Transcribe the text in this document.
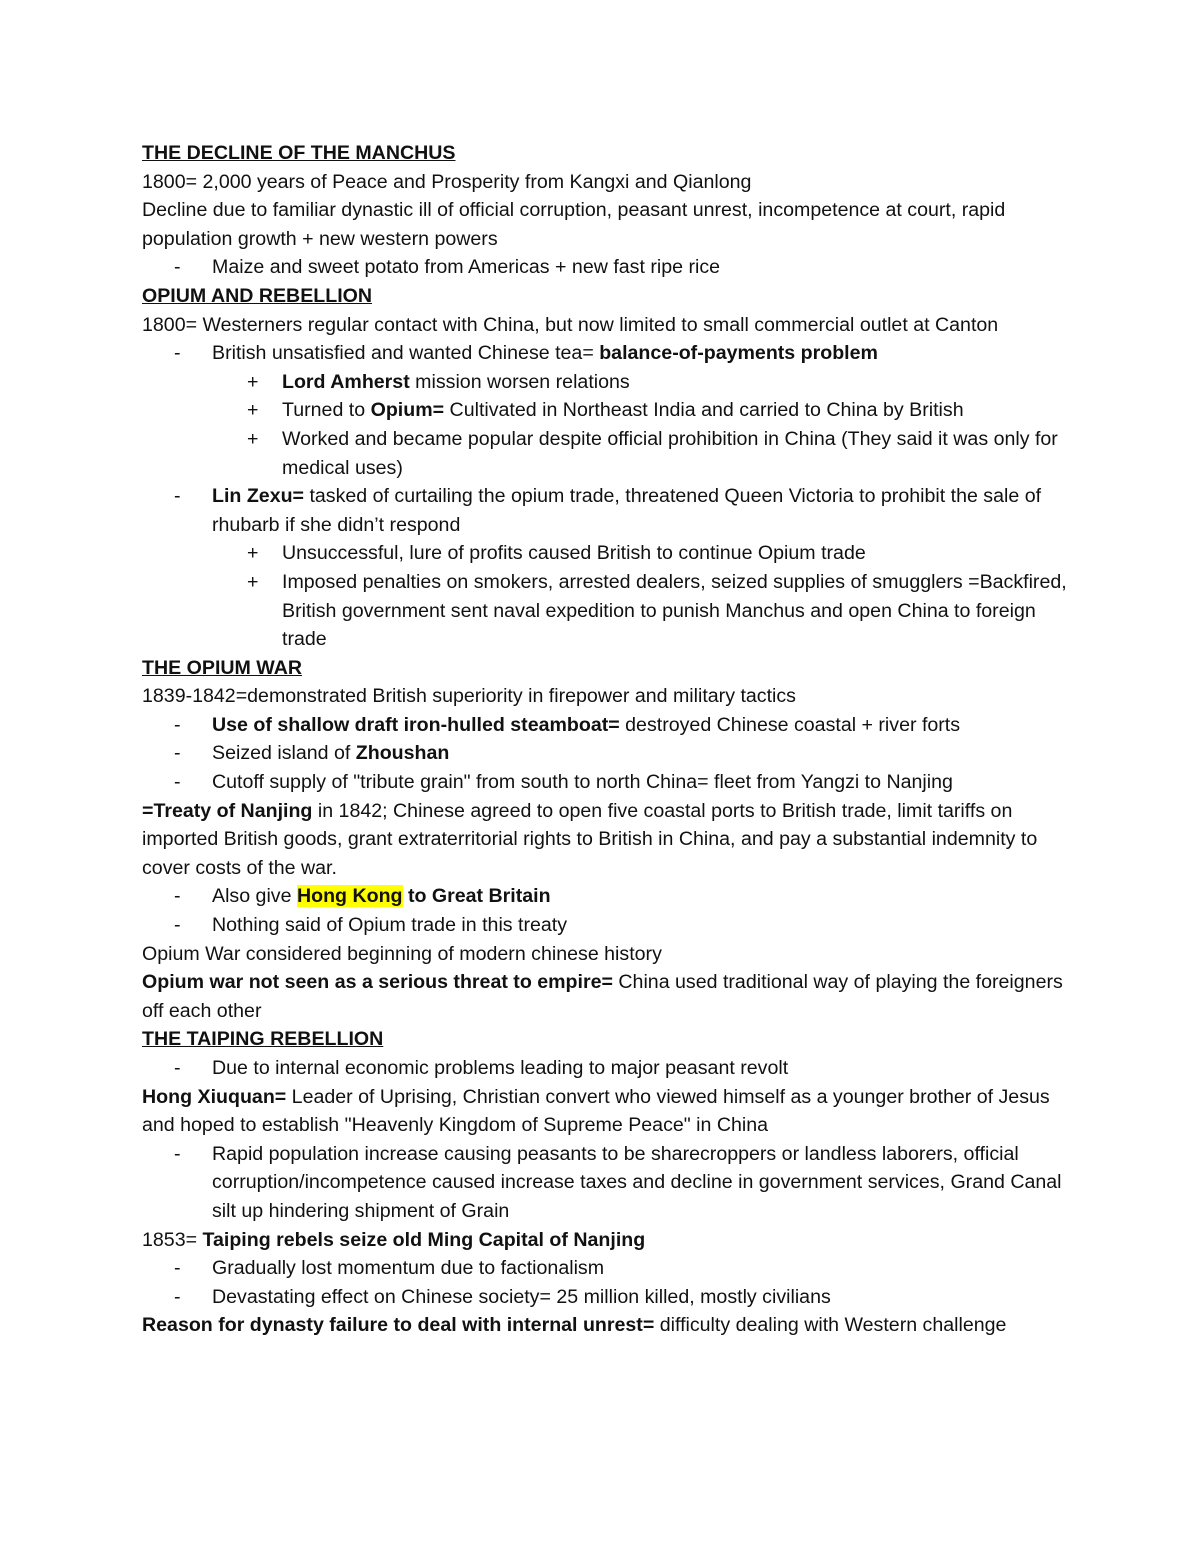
THE DECLINE OF THE MANCHUS
1800= 2,000 years of Peace and Prosperity from Kangxi and Qianlong
Decline due to familiar dynastic ill of official corruption, peasant unrest, incompetence at court, rapid population growth + new western powers
- Maize and sweet potato from Americas + new fast ripe rice
OPIUM AND REBELLION
1800= Westerners regular contact with China, but now limited to small commercial outlet at Canton
- British unsatisfied and wanted Chinese tea= balance-of-payments problem
+ Lord Amherst mission worsen relations
+ Turned to Opium= Cultivated in Northeast India and carried to China by British
+ Worked and became popular despite official prohibition in China (They said it was only for medical uses)
- Lin Zexu= tasked of curtailing the opium trade, threatened Queen Victoria to prohibit the sale of rhubarb if she didn’t respond
+ Unsuccessful, lure of profits caused British to continue Opium trade
+ Imposed penalties on smokers, arrested dealers, seized supplies of smugglers =Backfired, British government sent naval expedition to punish Manchus and open China to foreign trade
THE OPIUM WAR
1839-1842=demonstrated British superiority in firepower and military tactics
- Use of shallow draft iron-hulled steamboat= destroyed Chinese coastal + river forts
- Seized island of Zhoushan
- Cutoff supply of "tribute grain" from south to north China= fleet from Yangzi to Nanjing
=Treaty of Nanjing in 1842; Chinese agreed to open five coastal ports to British trade, limit tariffs on imported British goods, grant extraterritorial rights to British in China, and pay a substantial indemnity to cover costs of the war.
- Also give Hong Kong to Great Britain
- Nothing said of Opium trade in this treaty
Opium War considered beginning of modern chinese history
Opium war not seen as a serious threat to empire= China used traditional way of playing the foreigners off each other
THE TAIPING REBELLION
- Due to internal economic problems leading to major peasant revolt
Hong Xiuquan= Leader of Uprising, Christian convert who viewed himself as a younger brother of Jesus and hoped to establish "Heavenly Kingdom of Supreme Peace" in China
- Rapid population increase causing peasants to be sharecroppers or landless laborers, official corruption/incompetence caused increase taxes and decline in government services, Grand Canal silt up hindering shipment of Grain
1853= Taiping rebels seize old Ming Capital of Nanjing
- Gradually lost momentum due to factionalism
- Devastating effect on Chinese society= 25 million killed, mostly civilians
Reason for dynasty failure to deal with internal unrest= difficulty dealing with Western challenge
